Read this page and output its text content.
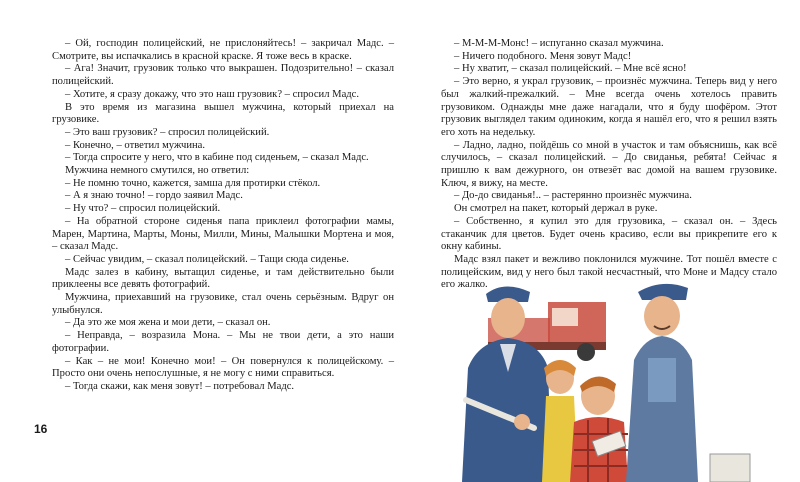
– Ой, господин полицейский, не прислоняйтесь! – закричал Мадс. – Смотрите, вы испачкались в красной краске. Я тоже весь в краске.

– Ага! Значит, грузовик только что выкрашен. Подозрительно! – сказал полицейский.

– Хотите, я сразу докажу, что это наш грузовик? – спросил Мадс.

В это время из магазина вышел мужчина, который приехал на грузовике.

– Это ваш грузовик? – спросил полицейский.

– Конечно, – ответил мужчина.

– Тогда спросите у него, что в кабине под сиденьем, – сказал Мадс.

Мужчина немного смутился, но ответил:

– Не помню точно, кажется, замша для протирки стёкол.

– А я знаю точно! – гордо заявил Мадс.

– Ну что? – спросил полицейский.

– На обратной стороне сиденья папа приклеил фотографии мамы, Марен, Мартина, Марты, Моны, Милли, Мины, Малышки Мортена и моя, – сказал Мадс.

– Сейчас увидим, – сказал полицейский. – Тащи сюда сиденье.

Мадс залез в кабину, вытащил сиденье, и там действительно были приклеены все девять фотографий.

Мужчина, приехавший на грузовике, стал очень серьёзным. Вдруг он улыбнулся.

– Да это же моя жена и мои дети, – сказал он.

– Неправда, – возразила Мона. – Мы не твои дети, а это наши фотографии.

– Как – не мои! Конечно мои! – Он повернулся к полицейскому. – Просто они очень непослушные, я не могу с ними справиться.

– Тогда скажи, как меня зовут! – потребовал Мадс.

– М-М-М-Монс! – испуганно сказал мужчина.

– Ничего подобного. Меня зовут Мадс!

– Ну хватит, – сказал полицейский. – Мне всё ясно!

– Это верно, я украл грузовик, – произнёс мужчина. Теперь вид у него был жалкий-прежалкий. – Мне всегда очень хотелось править грузовиком. Однажды мне даже нагадали, что я буду шофёром. Этот грузовик выглядел таким одиноким, когда я нашёл его, что я решил взять его хоть на недельку.

– Ладно, ладно, пойдёшь со мной в участок и там объяснишь, как всё случилось, – сказал полицейский. – До свиданья, ребята! Сейчас я пришлю к вам дежурного, он отвезёт вас домой на вашем грузовике. Ключ, я вижу, на месте.

– До-до свиданья!.. – растерянно произнёс мужчина.

Он смотрел на пакет, который держал в руке.

– Собственно, я купил это для грузовика, – сказал он. – Здесь стаканчик для цветов. Будет очень красиво, если вы прикрепите его к окну кабины.

Мадс взял пакет и вежливо поклонился мужчине. Тот пошёл вместе с полицейским, вид у него был такой несчастный, что Моне и Мадсу стало его жалко.

16
